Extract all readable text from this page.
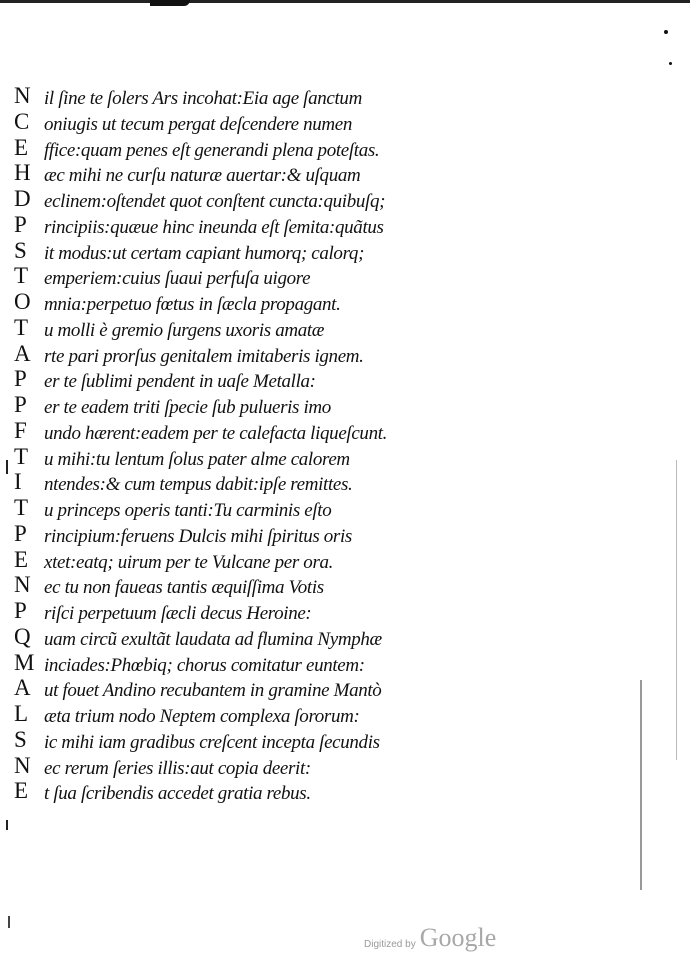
N il ſine te ſolers Ars incohat:Eia age ſanctum
C oniugis ut tecum pergat deſcendere numen
E ffice:quam penes eſt generandi plena poteſtas.
H æc mihi ne curſu naturæ auertar:& uſquam
D eclinem:oſtendet quot conſtent cuncta:quibuſq;
P rincipiis:quæue hinc ineunda eſt ſemita:quãtus
S it modus:ut certam capiant humorq; calorq;
T emperiem:cuius ſuaui perfuſa uigore
O mnia:perpetuo fœtus in ſæcla propagant.
T u molli è gremio ſurgens uxoris amatæ
A rte pari prorſus genitalem imitaberis ignem.
P er te ſublimi pendent in uaſe Metalla:
P er te eadem triti ſpecie ſub pulueris imo
F undo hærent:eadem per te calefacta liqueſcunt.
T u mihi:tu lentum ſolus pater alme calorem
I	ntendes:& cum tempus dabit:ipſe remittes.
T u princeps operis tanti:Tu carminis eſto
P rincipium:feruens Dulcis mihi ſpiritus oris
E xtet:eatq; uirum per te Vulcane per ora.
N ec tu non faueas tantis æquiſſima Votis
P riſci perpetuum ſæcli decus Heroine:
Q uam circũ exultãt laudata ad flumina Nymphæ
M inciades:Phœbiq; chorus comitatur euntem:
A ut fouet Andino recubantem in gramine Mantò
L æta trium nodo Neptem complexa ſororum:
S ic mihi iam gradibus creſcent incepta ſecundis
N ec rerum ſeries illis:aut copia deerit:
E t ſua ſcribendis accedet gratia rebus.
Digitized by Google
